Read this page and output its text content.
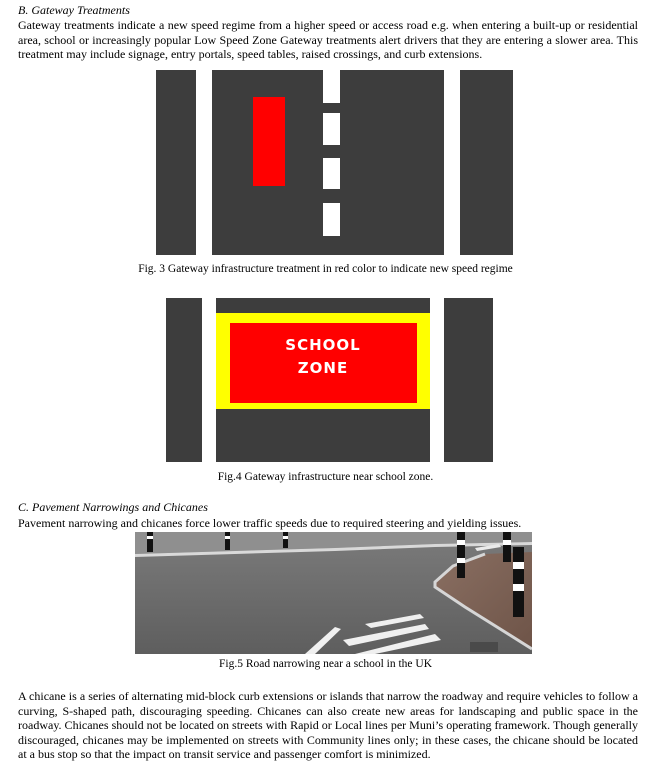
B. Gateway Treatments
Gateway treatments indicate a new speed regime from a higher speed or access road e.g. when entering a built-up or residential area, school or increasingly popular Low Speed Zone Gateway treatments alert drivers that they are entering a slower area. This treatment may include signage, entry portals, speed tables, raised crossings, and curb extensions.
Fig. 3 Gateway infrastructure treatment in red color to indicate new speed regime
SCHOOL
ZONE
Fig.4 Gateway infrastructure near school zone.
C. Pavement Narrowings and Chicanes
Pavement narrowing and chicanes force lower traffic speeds due to required steering and yielding issues.
Fig.5 Road narrowing near a school in the UK
A chicane is a series of alternating mid-block curb extensions or islands that narrow the roadway and require vehicles to follow a curving, S-shaped path, discouraging speeding. Chicanes can also create new areas for landscaping and public space in the roadway. Chicanes should not be located on streets with Rapid or Local lines per Muni’s operating framework. Though generally discouraged, chicanes may be implemented on streets with Community lines only; in these cases, the chicane should be located at a bus stop so that the impact on transit service and passenger comfort is minimized.
